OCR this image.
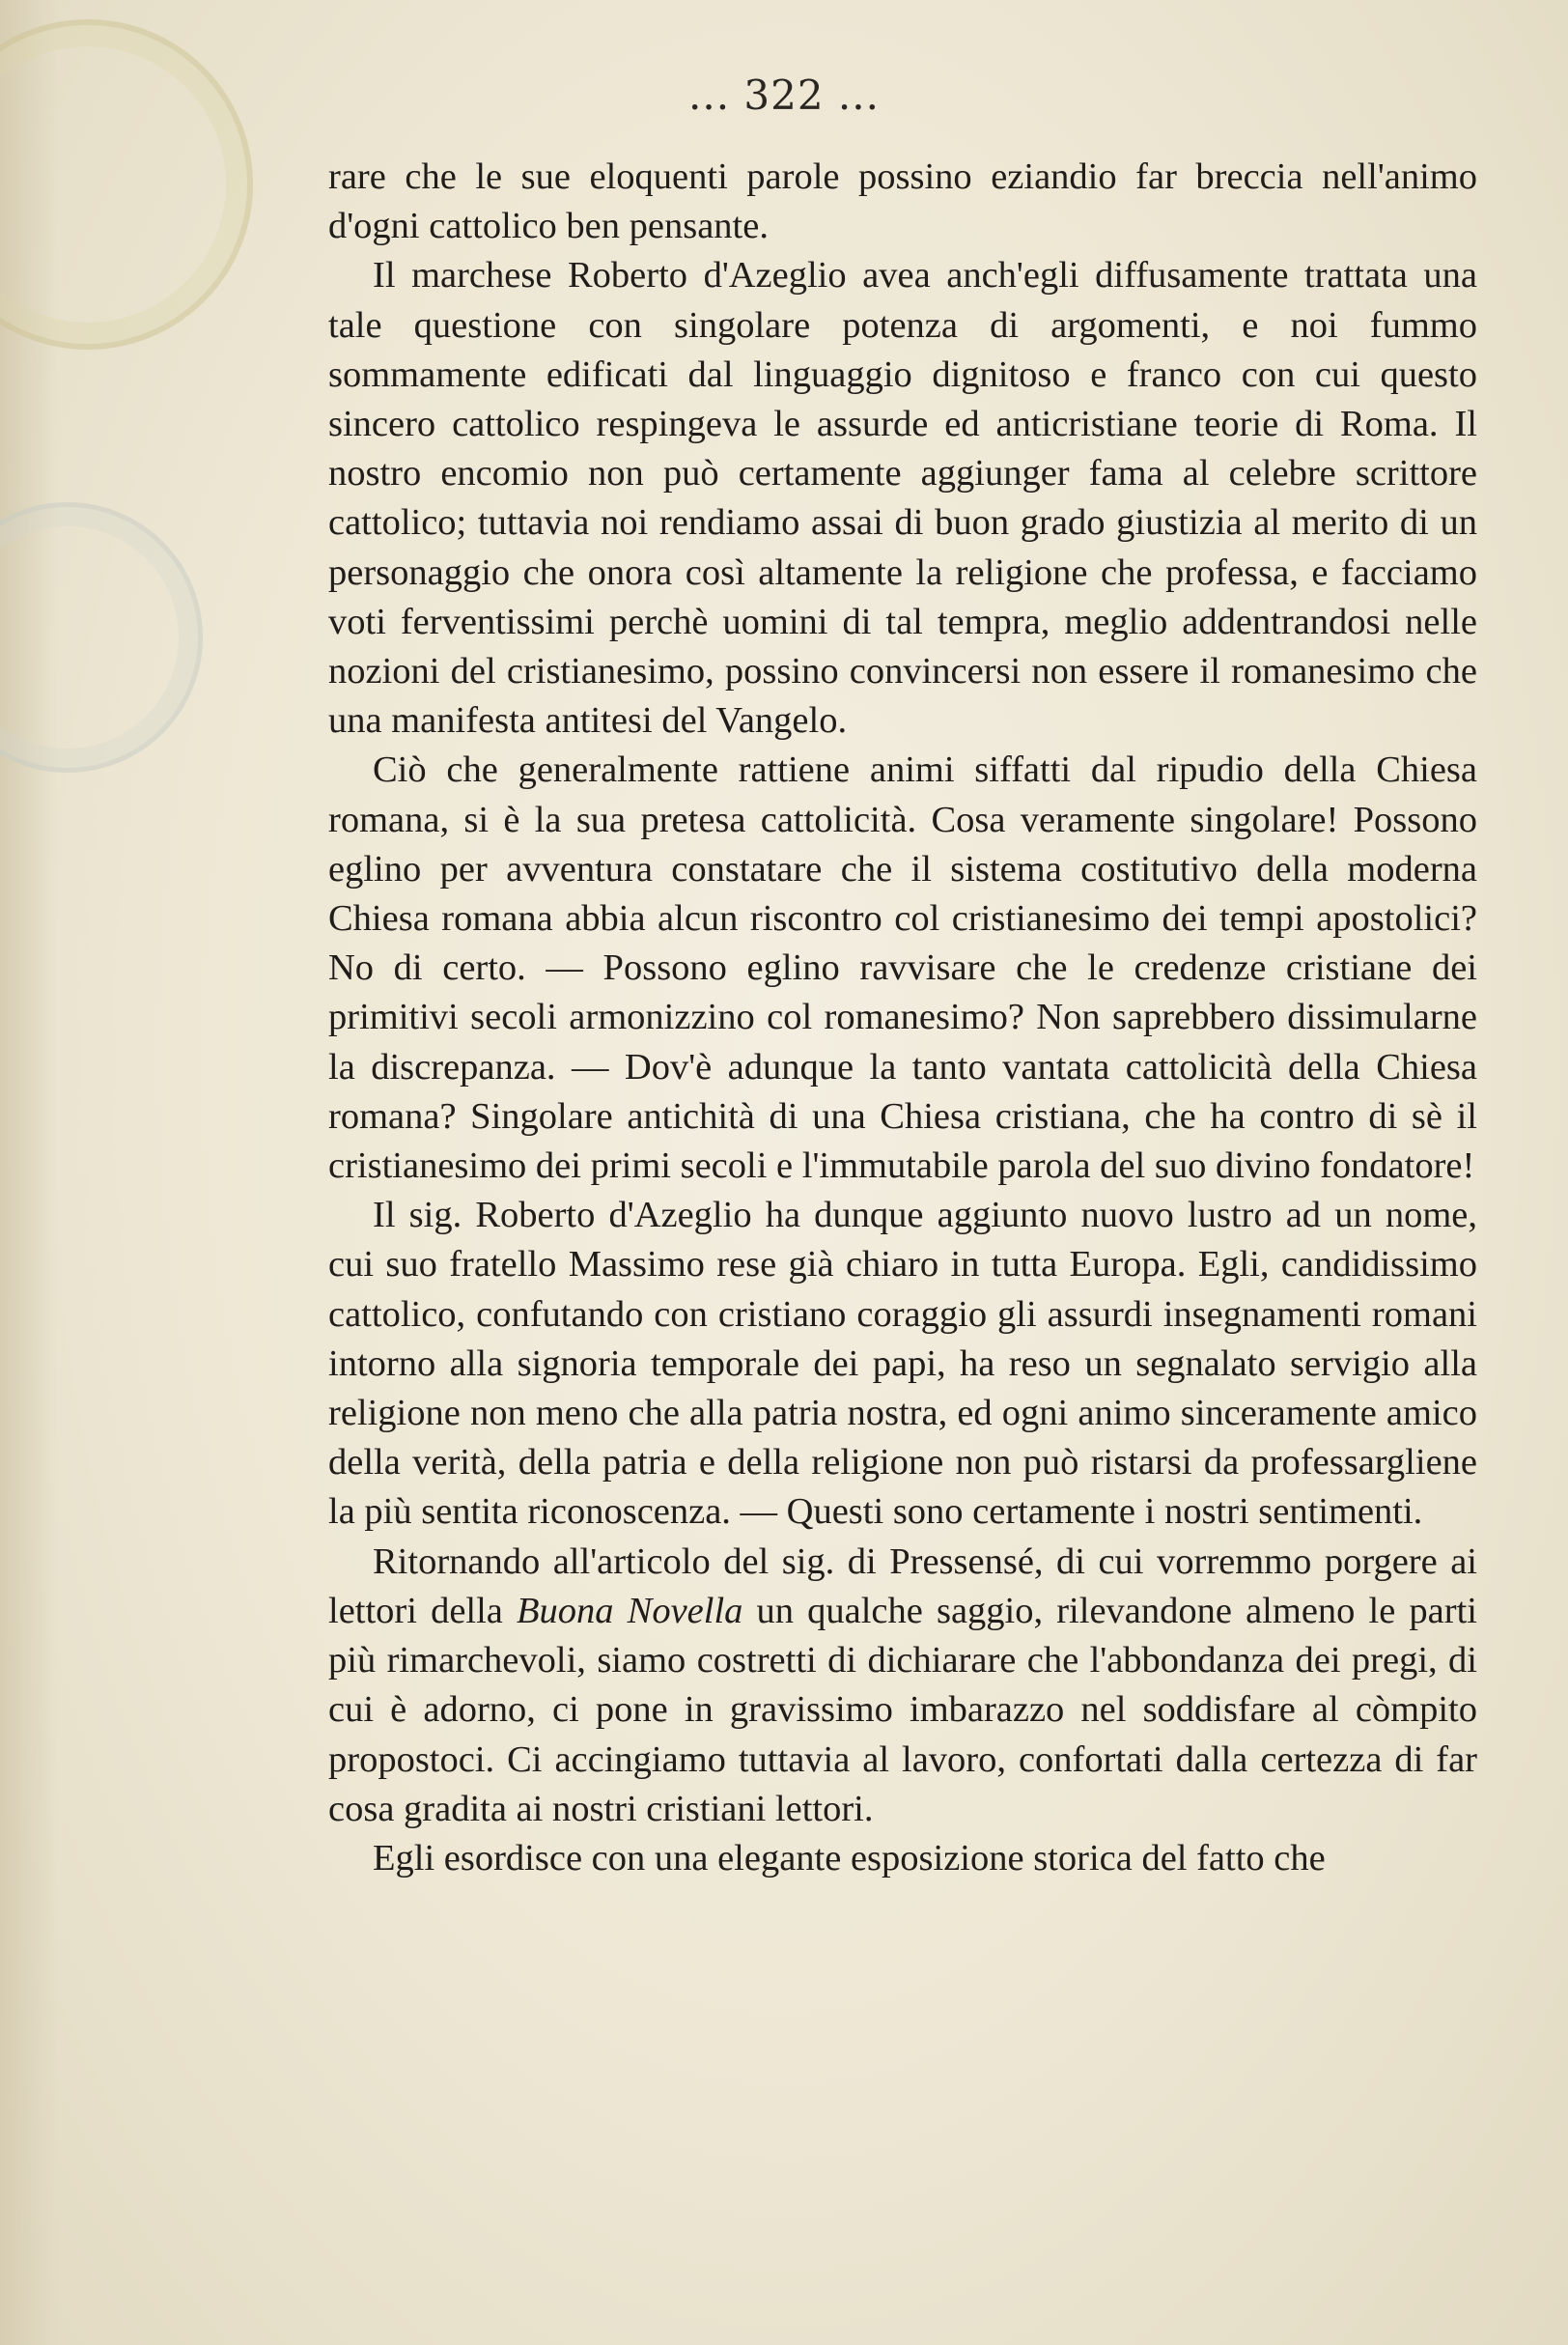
... 322 ...

rare che le sue eloquenti parole possino eziandio far breccia nell'animo d'ogni cattolico ben pensante.

Il marchese Roberto d'Azeglio avea anch'egli diffusamente trattata una tale questione con singolare potenza di argomenti, e noi fummo sommamente edificati dal linguaggio dignitoso e franco con cui questo sincero cattolico respingeva le assurde ed anticristiane teorie di Roma. Il nostro encomio non può certamente aggiunger fama al celebre scrittore cattolico; tuttavia noi rendiamo assai di buon grado giustizia al merito di un personaggio che onora così altamente la religione che professa, e facciamo voti ferventissimi perchè uomini di tal tempra, meglio addentrandosi nelle nozioni del cristianesimo, possino convincersi non essere il romanesimo che una manifesta antitesi del Vangelo.

Ciò che generalmente rattiene animi siffatti dal ripudio della Chiesa romana, si è la sua pretesa cattolicità. Cosa veramente singolare! Possono eglino per avventura constatare che il sistema costitutivo della moderna Chiesa romana abbia alcun riscontro col cristianesimo dei tempi apostolici? No di certo. — Possono eglino ravvisare che le credenze cristiane dei primitivi secoli armonizzino col romanesimo? Non saprebbero dissimularne la discrepanza. — Dov'è adunque la tanto vantata cattolicità della Chiesa romana? Singolare antichità di una Chiesa cristiana, che ha contro di sè il cristianesimo dei primi secoli e l'immutabile parola del suo divino fondatore!

Il sig. Roberto d'Azeglio ha dunque aggiunto nuovo lustro ad un nome, cui suo fratello Massimo rese già chiaro in tutta Europa. Egli, candidissimo cattolico, confutando con cristiano coraggio gli assurdi insegnamenti romani intorno alla signoria temporale dei papi, ha reso un segnalato servigio alla religione non meno che alla patria nostra, ed ogni animo sinceramente amico della verità, della patria e della religione non può ristarsi da professargliene la più sentita riconoscenza. — Questi sono certamente i nostri sentimenti.

Ritornando all'articolo del sig. di Pressensé, di cui vorremmo porgere ai lettori della Buona Novella un qualche saggio, rilevandone almeno le parti più rimarchevoli, siamo costretti di dichiarare che l'abbondanza dei pregi, di cui è adorno, ci pone in gravissimo imbarazzo nel soddisfare al còmpito propostoci. Ci accingiamo tuttavia al lavoro, confortati dalla certezza di far cosa gradita ai nostri cristiani lettori.

Egli esordisce con una elegante esposizione storica del fatto che
